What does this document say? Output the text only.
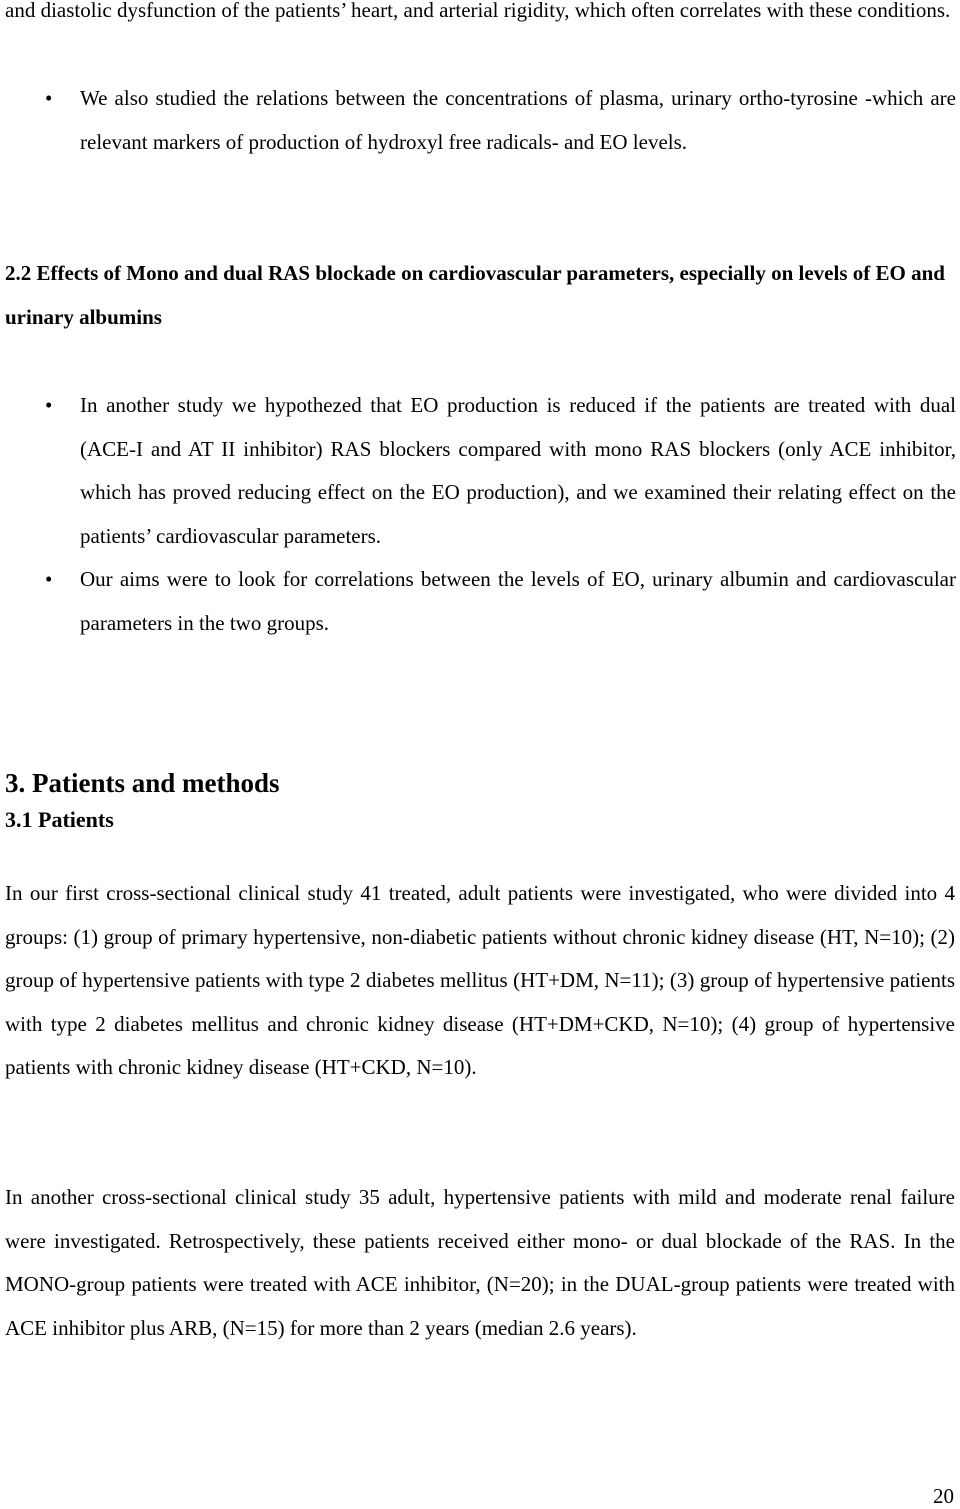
and diastolic dysfunction of the patients’ heart, and arterial rigidity, which often correlates with these conditions.

• We also studied the relations between the concentrations of plasma, urinary ortho-tyrosine -which are relevant markers of production of hydroxyl free radicals- and EO levels.
2.2 Effects of Mono and dual RAS blockade on cardiovascular parameters, especially on levels of EO and urinary albumins
• In another study we hypothezed that EO production is reduced if the patients are treated with dual (ACE-I and AT II inhibitor) RAS blockers compared with mono RAS blockers (only ACE inhibitor, which has proved reducing effect on the EO production), and we examined their relating effect on the patients’ cardiovascular parameters.
• Our aims were to look for correlations between the levels of EO, urinary albumin and cardiovascular parameters in the two groups.
3. Patients and methods
3.1 Patients

In our first cross-sectional clinical study 41 treated, adult patients were investigated, who were divided into 4 groups: (1) group of primary hypertensive, non-diabetic patients without chronic kidney disease (HT, N=10); (2) group of hypertensive patients with type 2 diabetes mellitus (HT+DM, N=11); (3) group of hypertensive patients with type 2 diabetes mellitus and chronic kidney disease (HT+DM+CKD, N=10); (4) group of hypertensive patients with chronic kidney disease (HT+CKD, N=10).

In another cross-sectional clinical study 35 adult, hypertensive patients with mild and moderate renal failure were investigated. Retrospectively, these patients received either mono- or dual blockade of the RAS. In the MONO-group patients were treated with ACE inhibitor, (N=20); in the DUAL-group patients were treated with ACE inhibitor plus ARB, (N=15) for more than 2 years (median 2.6 years).

20
